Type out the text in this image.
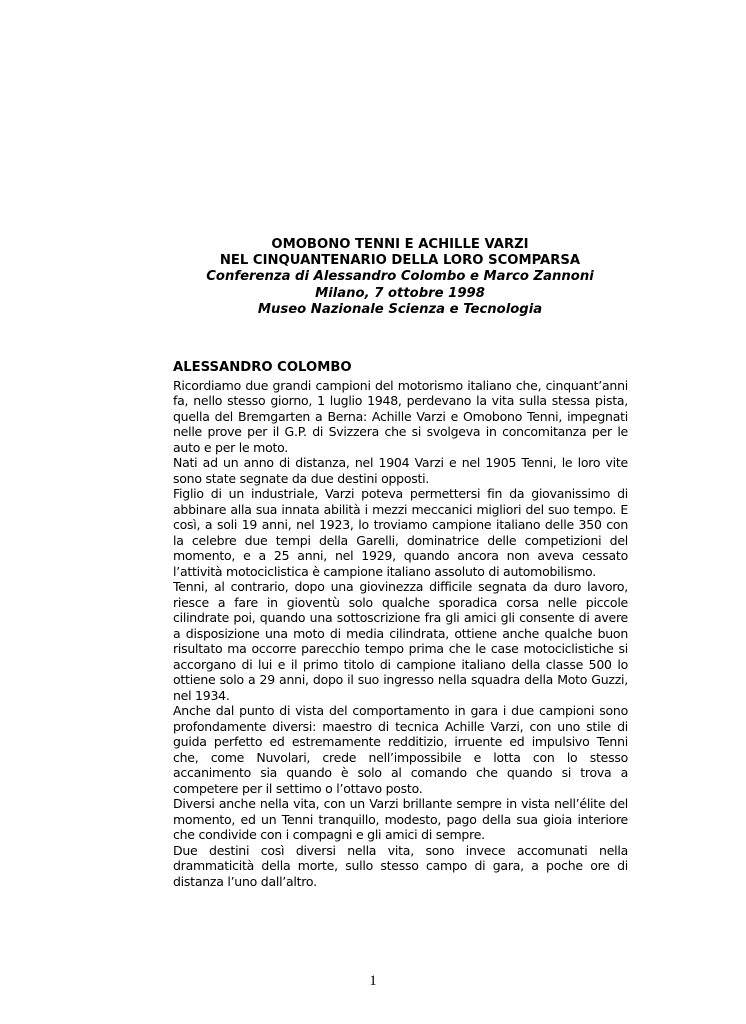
OMOBONO TENNI E ACHILLE VARZI
NEL CINQUANTENARIO DELLA LORO SCOMPARSA
Conferenza di Alessandro Colombo e Marco Zannoni
Milano, 7 ottobre 1998
Museo Nazionale Scienza e Tecnologia
ALESSANDRO COLOMBO

Ricordiamo due grandi campioni del motorismo italiano che, cinquant’anni fa, nello stesso giorno, 1 luglio 1948, perdevano la vita sulla stessa pista, quella del Bremgarten a Berna: Achille Varzi e Omobono Tenni, impegnati nelle prove per il G.P. di Svizzera che si svolgeva in concomitanza per le auto e per le moto.

Nati ad un anno di distanza, nel 1904 Varzi e nel 1905 Tenni, le loro vite sono state segnate da due destini opposti.

Figlio di un industriale, Varzi poteva permettersi fin da giovanissimo di abbinare alla sua innata abilità i mezzi meccanici migliori del suo tempo. E così, a soli 19 anni, nel 1923, lo troviamo campione italiano delle 350 con la celebre due tempi della Garelli, dominatrice delle competizioni del momento, e a 25 anni, nel 1929, quando ancora non aveva cessato l’attività motociclistica è campione italiano assoluto di automobilismo.

Tenni, al contrario, dopo una giovinezza difficile segnata da duro lavoro, riesce a fare in gioventù solo qualche sporadica corsa nelle piccole cilindrate poi, quando una sottoscrizione fra gli amici gli consente di avere a disposizione una moto di media cilindrata, ottiene anche qualche buon risultato ma occorre parecchio tempo prima che le case motociclistiche si accorgano di lui e il primo titolo di campione italiano della classe 500 lo ottiene solo a 29 anni, dopo il suo ingresso nella squadra della Moto Guzzi, nel 1934.

Anche dal punto di vista del comportamento in gara i due campioni sono profondamente diversi: maestro di tecnica Achille Varzi, con uno stile di guida perfetto ed estremamente redditizio, irruente ed impulsivo Tenni che, come Nuvolari, crede nell’impossibile e lotta con lo stesso accanimento sia quando è solo al comando che quando si trova a competere per il settimo o l’ottavo posto.

Diversi anche nella vita, con un Varzi brillante sempre in vista nell’élite del momento, ed un Tenni tranquillo, modesto, pago della sua gioia interiore che condivide con i compagni e gli amici di sempre.

Due destini così diversi nella vita, sono invece accomunati nella drammaticità della morte, sullo stesso campo di gara, a poche ore di distanza l’uno dall’altro.

1
